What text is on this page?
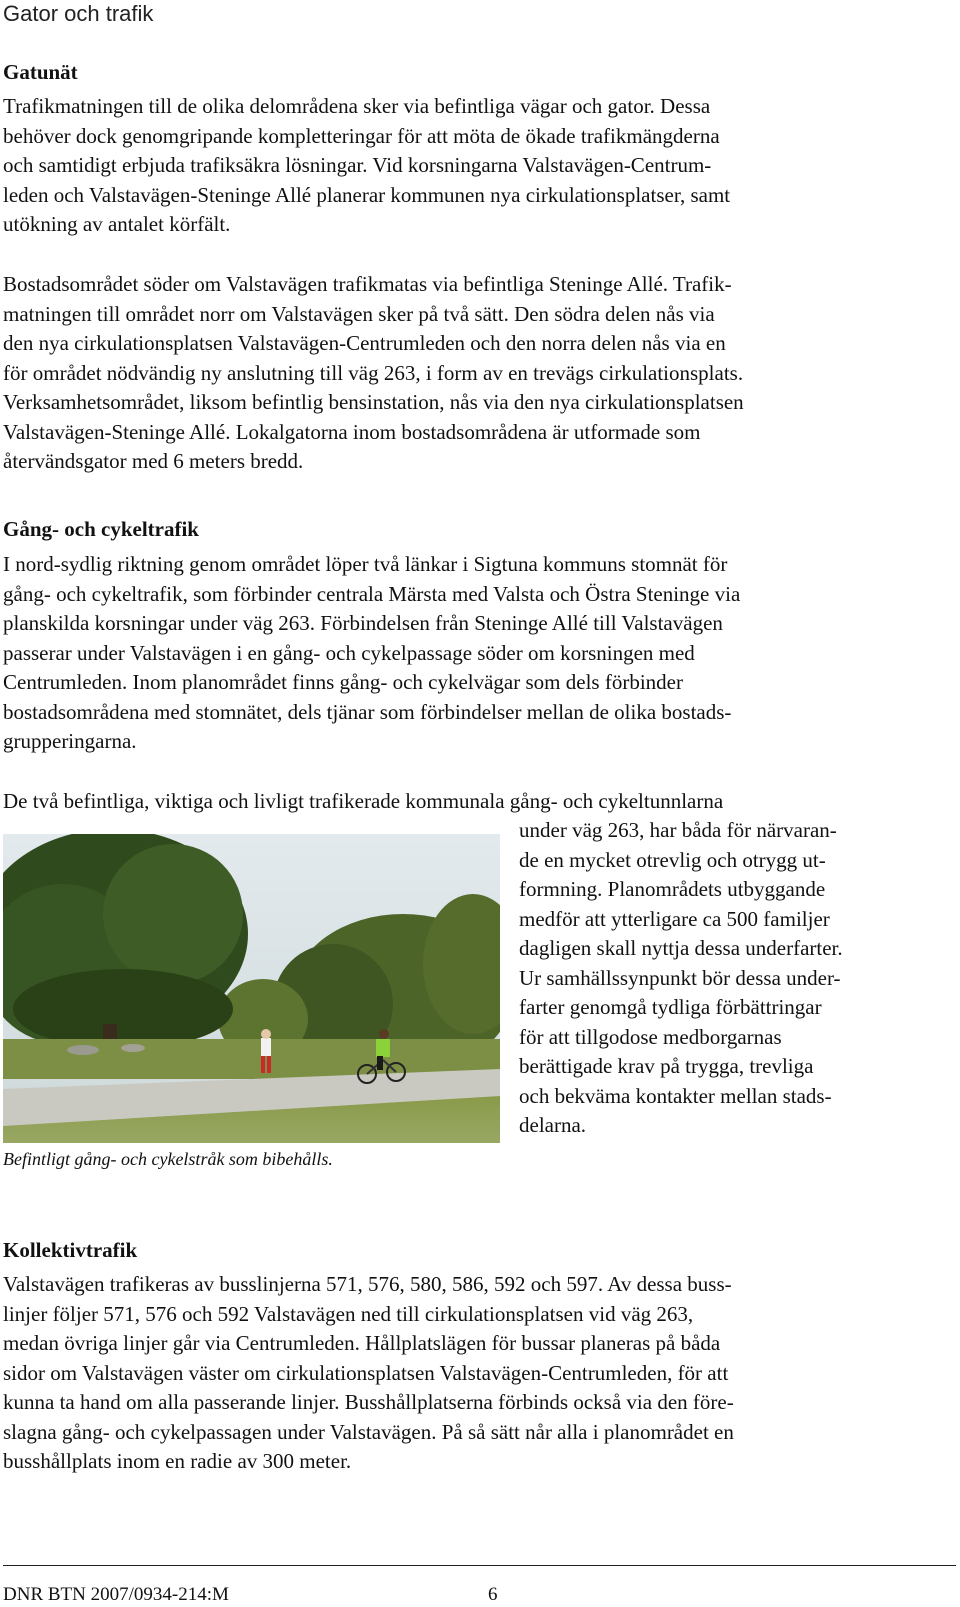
Gator och trafik
Gatunät
Trafikmatningen till de olika delområdena sker via befintliga vägar och gator. Dessa
behöver dock genomgripande kompletteringar för att möta de ökade trafikmängderna
och samtidigt erbjuda trafiksäkra lösningar. Vid korsningarna Valstavägen-Centrum-
leden och Valstavägen-Steninge Allé planerar kommunen nya cirkulationsplatser, samt
utökning av antalet körfält.
Bostadsområdet söder om Valstavägen trafikmatas via befintliga Steninge Allé. Trafik-
matningen till området norr om Valstavägen sker på två sätt. Den södra delen nås via
den nya cirkulationsplatsen Valstavägen-Centrumleden och den norra delen nås via en
för området nödvändig ny anslutning till väg 263, i form av en trevägs cirkulationsplats.
Verksamhetsområdet, liksom befintlig bensinstation, nås via den nya cirkulationsplatsen
Valstavägen-Steninge Allé. Lokalgatorna inom bostadsområdena är utformade som
återvändsgator med 6 meters bredd.
Gång- och cykeltrafik
I nord-sydlig riktning genom området löper två länkar i Sigtuna kommuns stomnät för
gång- och cykeltrafik, som förbinder centrala Märsta med Valsta och Östra Steninge via
planskilda korsningar under väg 263. Förbindelsen från Steninge Allé till Valstavägen
passerar under Valstavägen i en gång- och cykelpassage söder om korsningen med
Centrumleden. Inom planområdet finns gång- och cykelvägar som dels förbinder
bostadsområdena med stomnätet, dels tjänar som förbindelser mellan de olika bostads-
grupperingarna.
De två befintliga, viktiga och livligt trafikerade kommunala gång- och cykeltunnlarna
Befintligt gång- och cykelstråk som bibehålls.
under väg 263, har båda för närvaran-
de en mycket otrevlig och otrygg ut-
formning. Planområdets utbyggande
medför att ytterligare ca 500 familjer
dagligen skall nyttja dessa underfarter.
Ur samhällssynpunkt bör dessa under-
farter genomgå tydliga förbättringar
för att tillgodose medborgarnas
berättigade krav på trygga, trevliga
och bekväma kontakter mellan stads-
delarna.
Kollektivtrafik
Valstavägen trafikeras av busslinjerna 571, 576, 580, 586, 592 och 597. Av dessa buss-
linjer följer 571, 576 och 592 Valstavägen ned till cirkulationsplatsen vid väg 263,
medan övriga linjer går via Centrumleden. Hållplatslägen för bussar planeras på båda
sidor om Valstavägen väster om cirkulationsplatsen Valstavägen-Centrumleden, för att
kunna ta hand om alla passerande linjer. Busshållplatserna förbinds också via den före-
slagna gång- och cykelpassagen under Valstavägen. På så sätt når alla i planområdet en
busshållplats inom en radie av 300 meter.
DNR BTN 2007/0934-214:M	6
